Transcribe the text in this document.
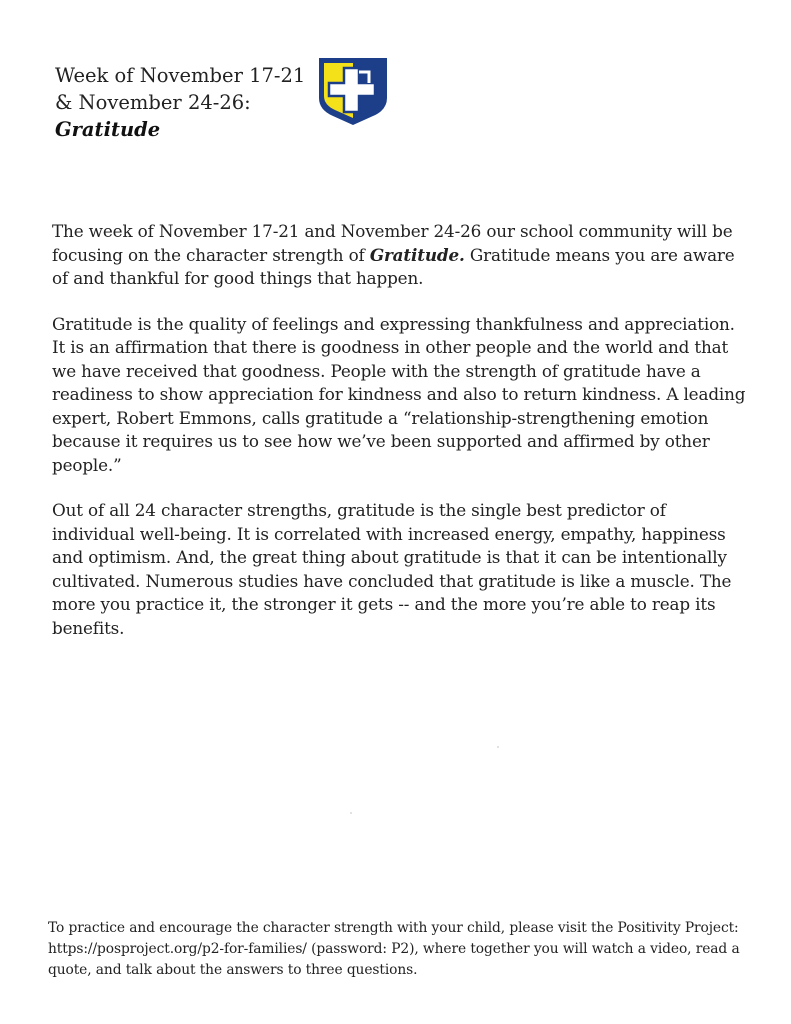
Week of November 17-21
& November 24-26:
Gratitude

The week of November 17-21 and November 24-26 our school community will be focusing on the character strength of Gratitude. Gratitude means you are aware of and thankful for good things that happen.

Gratitude is the quality of feelings and expressing thankfulness and appreciation. It is an affirmation that there is goodness in other people and the world and that we have received that goodness. People with the strength of gratitude have a readiness to show appreciation for kindness and also to return kindness. A leading expert, Robert Emmons, calls gratitude a “relationship-strengthening emotion because it requires us to see how we’ve been supported and affirmed by other people.”

Out of all 24 character strengths, gratitude is the single best predictor of individual well-being. It is correlated with increased energy, empathy, happiness and optimism. And, the great thing about gratitude is that it can be intentionally cultivated. Numerous studies have concluded that gratitude is like a muscle. The more you practice it, the stronger it gets -- and the more you’re able to reap its benefits.

To practice and encourage the character strength with your child, please visit the Positivity Project: https://posproject.org/p2-for-families/ (password: P2), where together you will watch a video, read a quote, and talk about the answers to three questions.
